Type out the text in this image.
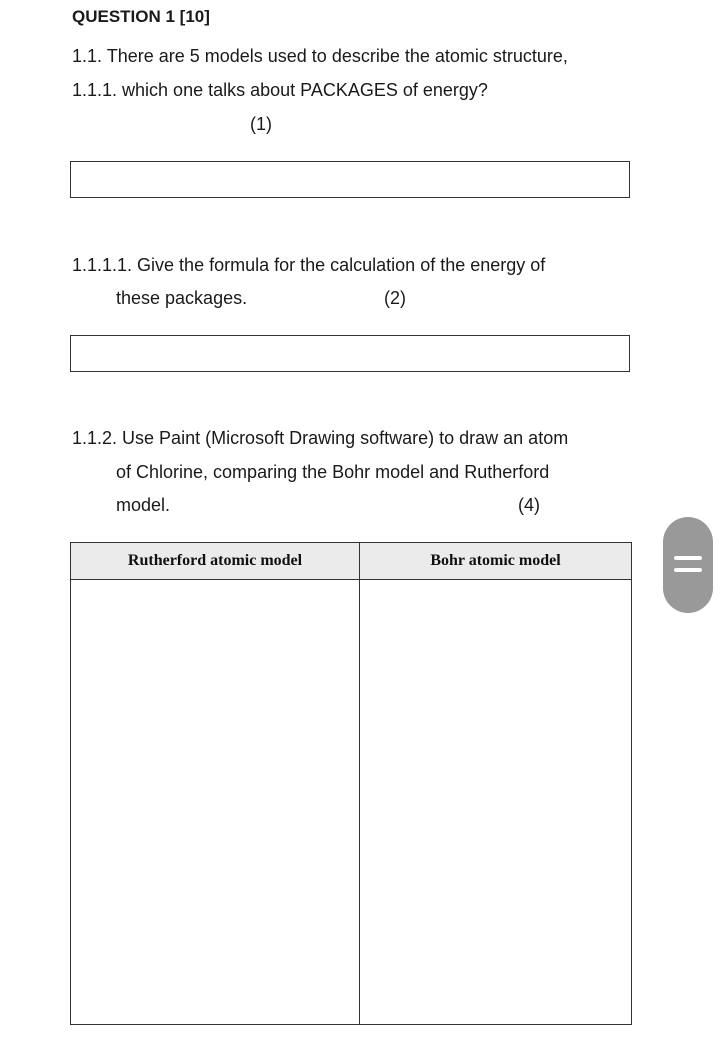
QUESTION 1 [10]
1.1. There are 5 models used to describe the atomic structure,
1.1.1. which one talks about PACKAGES of energy?
(1)
1.1.1.1. Give the formula for the calculation of the energy of
these packages.	(2)
1.1.2. Use Paint (Microsoft Drawing software) to draw an atom
of Chlorine, comparing the Bohr model and Rutherford
model.	(4)
Rutherford atomic model	Bohr atomic model
